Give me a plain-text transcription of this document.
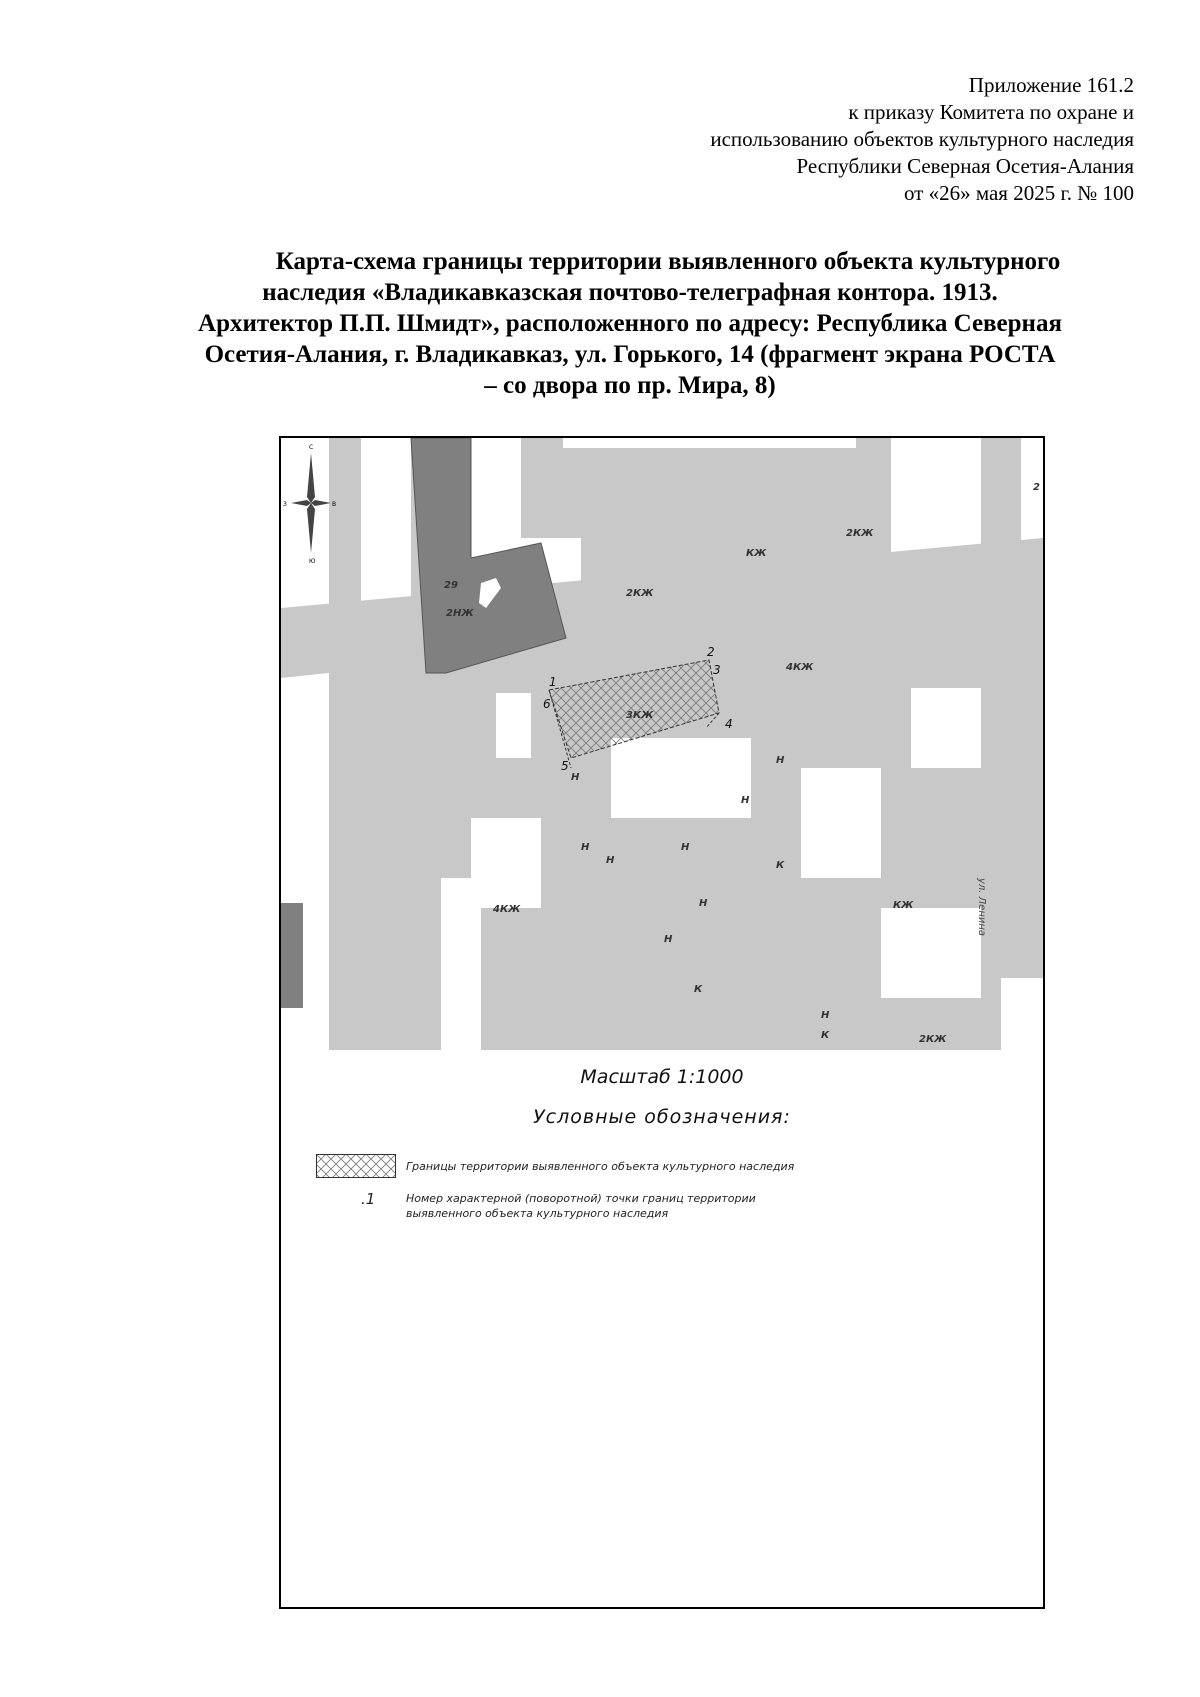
Приложение 161.2
к приказу Комитета по охране и
использованию объектов культурного наследия
Республики Северная Осетия-Алания
от «26» мая 2025 г. № 100
Карта-схема границы территории выявленного объекта культурного
наследия «Владикавказская почтово-телеграфная контора. 1913.
Архитектор П.П. Шмидт», расположенного по адресу: Республика Северная
Осетия-Алания, г. Владикавказ, ул. Горького, 14 (фрагмент экрана РОСТА
– со двора по пр. Мира, 8)
2КЖ
КЖ
2КЖ
29
2НЖ
4КЖ
3КЖ
Н
Н
Н
Н
Н
Н
К
КЖ
4КЖ
Н
Н
К
Н
К	2КЖ
2
1
2
3
4
5
6
ул. Ленина
С
В
З
Ю
Масштаб 1:1000
Условные обозначения:
Границы территории выявленного объекта культурного наследия
.1	Номер характерной (поворотной) точки границ территории
выявленного объекта культурного наследия
